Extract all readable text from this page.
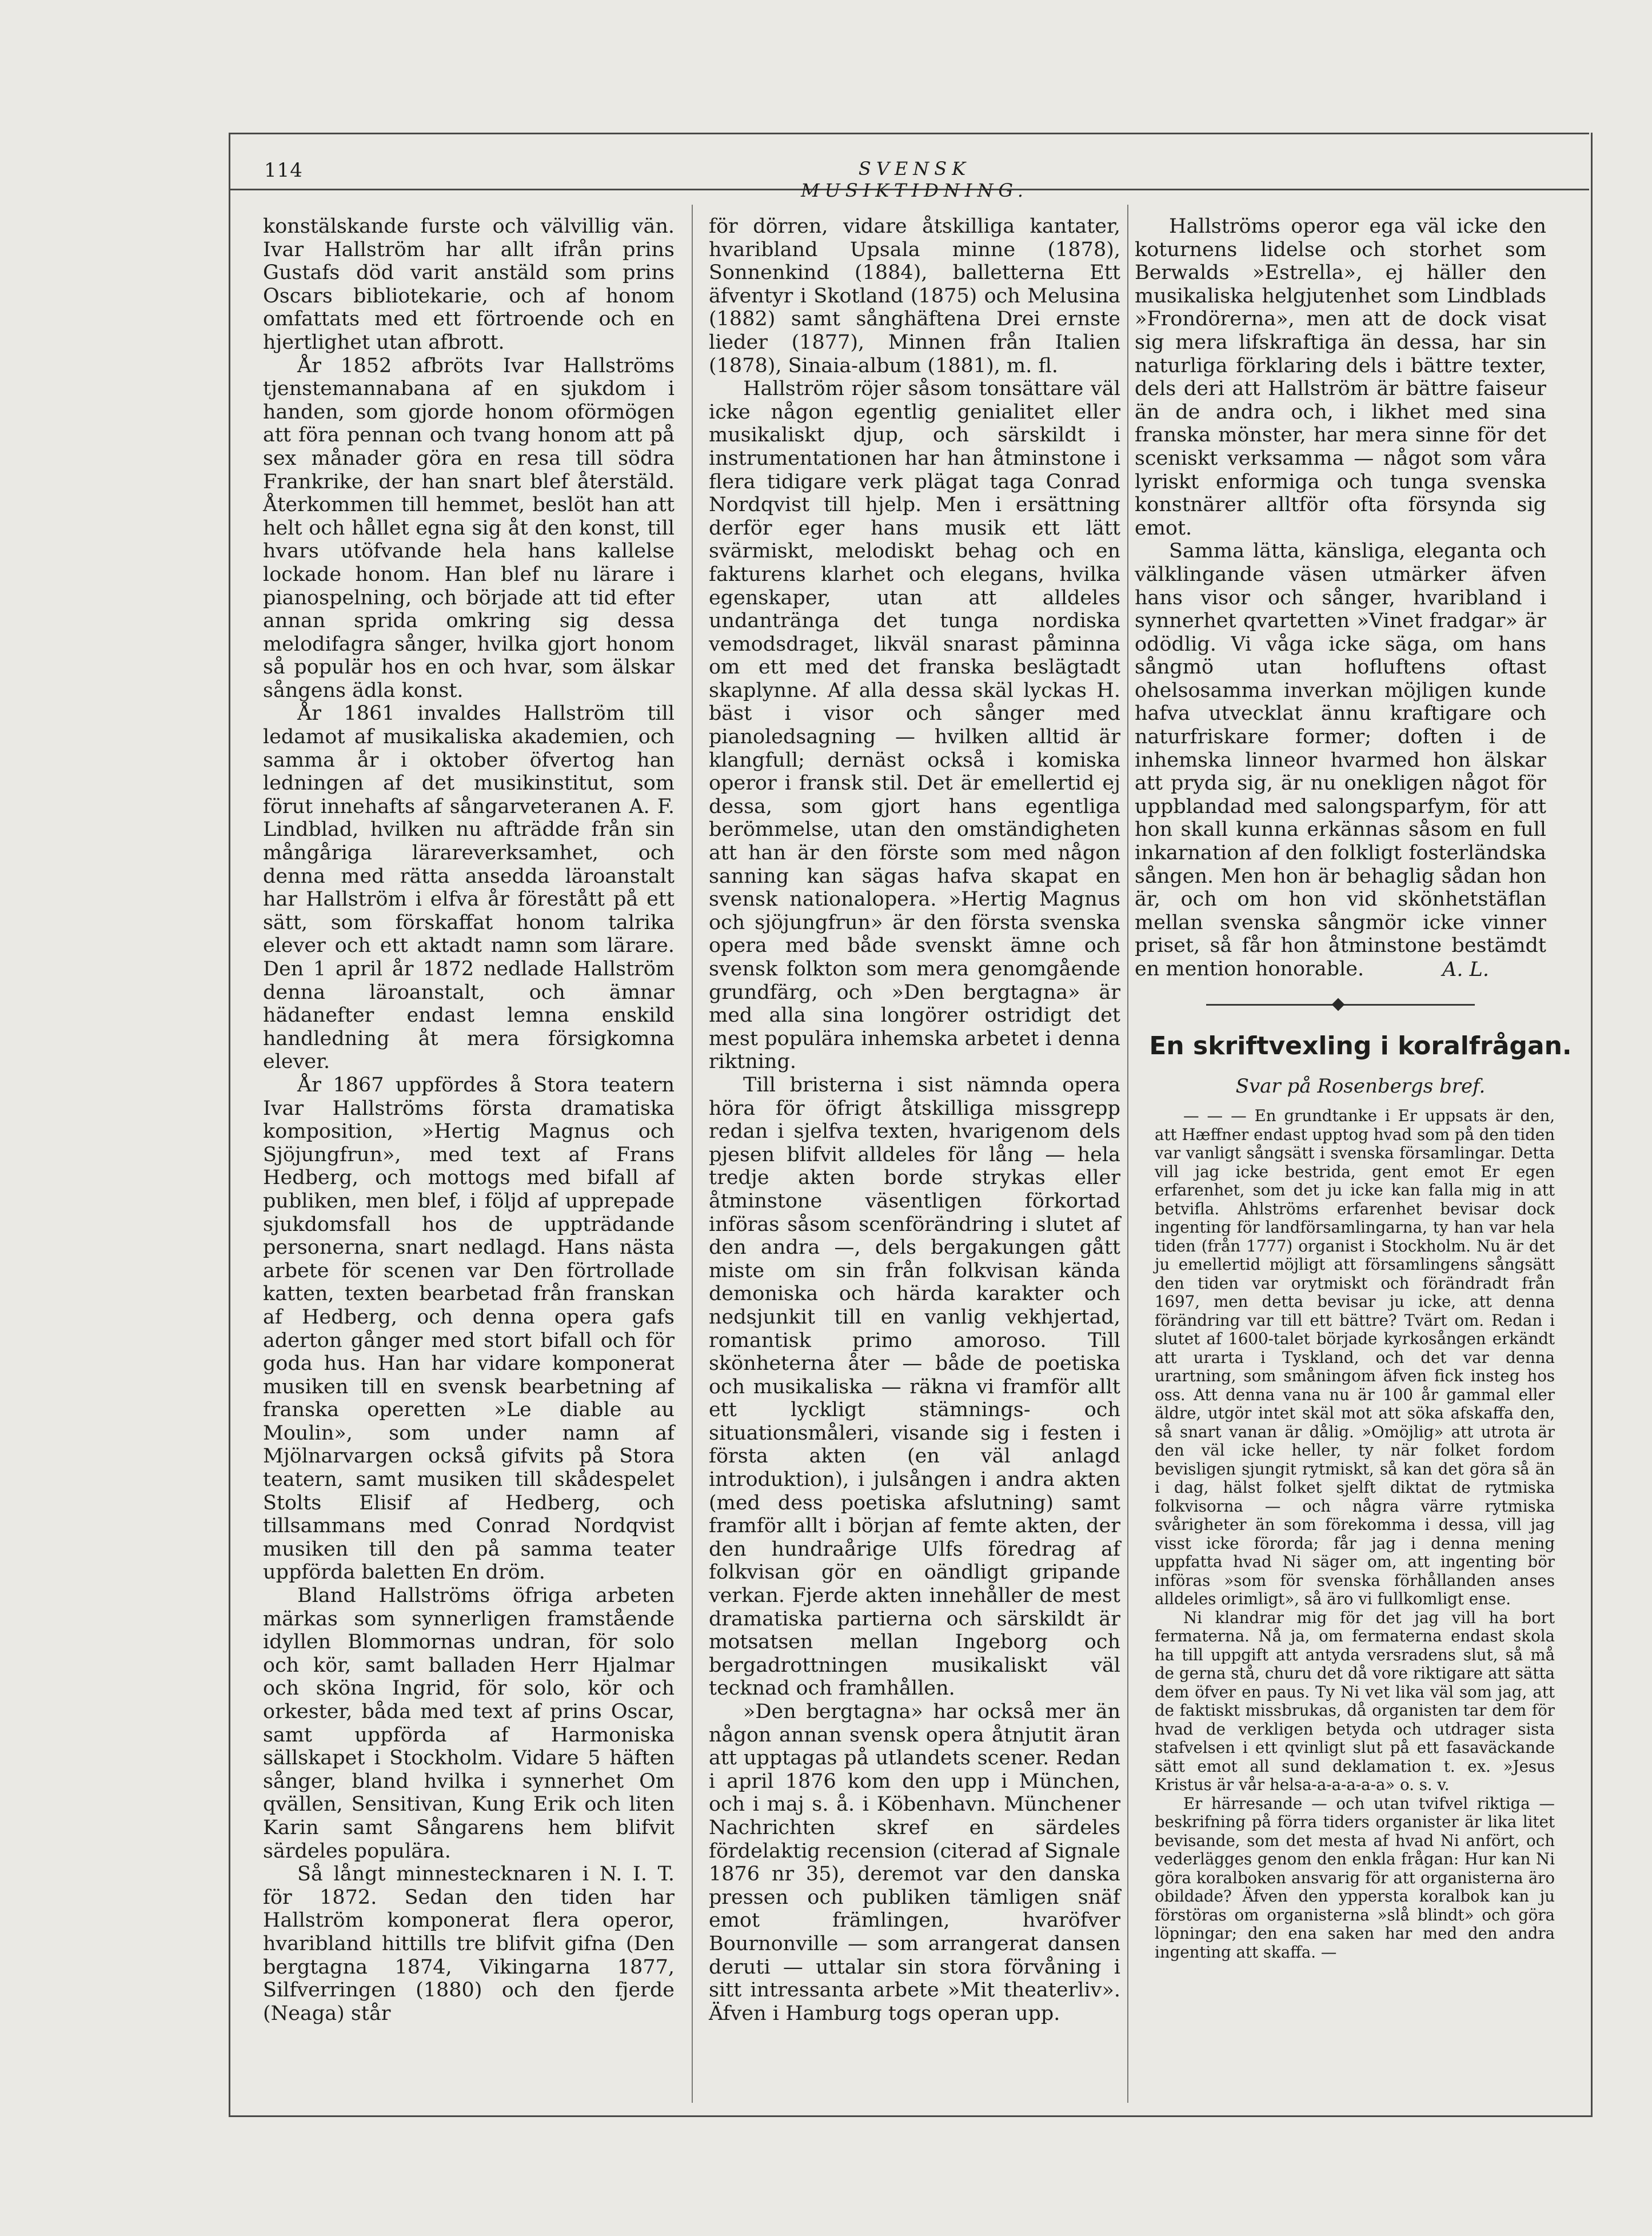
114	SVENSK MUSIKTIDNING.

konstälskande furste och välvillig vän. Ivar Hallström har allt ifrån prins Gustafs död varit anstäld som prins Oscars bibliotekarie, och af honom omfattats med ett förtroende och en hjertlighet utan afbrott.

År 1852 afbröts Ivar Hallströms tjenstemannabana af en sjukdom i handen, som gjorde honom oförmögen att föra pennan och tvang honom att på sex månader göra en resa till södra Frankrike, der han snart blef återstäld. Återkommen till hemmet, beslöt han att helt och hållet egna sig åt den konst, till hvars utöfvande hela hans kallelse lockade honom. Han blef nu lärare i pianospelning, och började att tid efter annan sprida omkring sig dessa melodifagra sånger, hvilka gjort honom så populär hos en och hvar, som älskar sångens ädla konst.

År 1861 invaldes Hallström till ledamot af musikaliska akademien, och samma år i oktober öfvertog han ledningen af det musikinstitut, som förut innehafts af sångarveteranen A. F. Lindblad, hvilken nu afträdde från sin mångåriga lärareverksamhet, och denna med rätta ansedda läroanstalt har Hallström i elfva år förestått på ett sätt, som förskaffat honom talrika elever och ett aktadt namn som lärare. Den 1 april år 1872 nedlade Hallström denna läroanstalt, och ämnar hädanefter endast lemna enskild handledning åt mera försigkomna elever.

År 1867 uppfördes å Stora teatern Ivar Hallströms första dramatiska komposition, »Hertig Magnus och Sjöjungfrun», med text af Frans Hedberg, och mottogs med bifall af publiken, men blef, i följd af upprepade sjukdomsfall hos de uppträdande personerna, snart nedlagd. Hans nästa arbete för scenen var Den förtrollade katten, texten bearbetad från franskan af Hedberg, och denna opera gafs aderton gånger med stort bifall och för goda hus. Han har vidare komponerat musiken till en svensk bearbetning af franska operetten »Le diable au Moulin», som under namn af Mjölnarvargen också gifvits på Stora teatern, samt musiken till skådespelet Stolts Elisif af Hedberg, och tillsammans med Conrad Nordqvist musiken till den på samma teater uppförda baletten En dröm.

Bland Hallströms öfriga arbeten märkas som synnerligen framstående idyllen Blommornas undran, för solo och kör, samt balladen Herr Hjalmar och sköna Ingrid, för solo, kör och orkester, båda med text af prins Oscar, samt uppförda af Harmoniska sällskapet i Stockholm. Vidare 5 häften sånger, bland hvilka i synnerhet Om qvällen, Sensitivan, Kung Erik och liten Karin samt Sångarens hem blifvit särdeles populära.

Så långt minnestecknaren i N. I. T. för 1872. Sedan den tiden har Hallström komponerat flera operor, hvaribland hittills tre blifvit gifna (Den bergtagna 1874, Vikingarna 1877, Silfverringen (1880) och den fjerde (Neaga) står

för dörren, vidare åtskilliga kantater, hvaribland Upsala minne (1878), Sonnenkind (1884), balletterna Ett äfventyr i Skotland (1875) och Melusina (1882) samt sånghäftena Drei ernste lieder (1877), Minnen från Italien (1878), Sinaia-album (1881), m. fl.

Hallström röjer såsom tonsättare väl icke någon egentlig genialitet eller musikaliskt djup, och särskildt i instrumentationen har han åtminstone i flera tidigare verk plägat taga Conrad Nordqvist till hjelp. Men i ersättning derför eger hans musik ett lätt svärmiskt, melodiskt behag och en fakturens klarhet och elegans, hvilka egenskaper, utan att alldeles undantränga det tunga nordiska vemodsdraget, likväl snarast påminna om ett med det franska beslägtadt skaplynne. Af alla dessa skäl lyckas H. bäst i visor och sånger med pianoledsagning — hvilken alltid är klangfull; dernäst också i komiska operor i fransk stil. Det är emellertid ej dessa, som gjort hans egentliga berömmelse, utan den omständigheten att han är den förste som med någon sanning kan sägas hafva skapat en svensk nationalopera. »Hertig Magnus och sjöjungfrun» är den första svenska opera med både svenskt ämne och svensk folkton som mera genomgående grundfärg, och »Den bergtagna» är med alla sina longörer ostridigt det mest populära inhemska arbetet i denna riktning.

Till bristerna i sist nämnda opera höra för öfrigt åtskilliga missgrepp redan i sjelfva texten, hvarigenom dels pjesen blifvit alldeles för lång — hela tredje akten borde strykas eller åtminstone väsentligen förkortad införas såsom scenförändring i slutet af den andra —, dels bergakungen gått miste om sin från folkvisan kända demoniska och härda karakter och nedsjunkit till en vanlig vekhjertad, romantisk primo amoroso. Till skönheterna åter — både de poetiska och musikaliska — räkna vi framför allt ett lyckligt stämnings- och situationsmåleri, visande sig i festen i första akten (en väl anlagd introduktion), i julsången i andra akten (med dess poetiska afslutning) samt framför allt i början af femte akten, der den hundraårige Ulfs föredrag af folkvisan gör en oändligt gripande verkan. Fjerde akten innehåller de mest dramatiska partierna och särskildt är motsatsen mellan Ingeborg och bergadrottningen musikaliskt väl tecknad och framhållen.

»Den bergtagna» har också mer än någon annan svensk opera åtnjutit äran att upptagas på utlandets scener. Redan i april 1876 kom den upp i München, och i maj s. å. i Köbenhavn. Münchener Nachrichten skref en särdeles fördelaktig recension (citerad af Signale 1876 nr 35), deremot var den danska pressen och publiken tämligen snäf emot främlingen, hvaröfver Bournonville — som arrangerat dansen deruti — uttalar sin stora förvåning i sitt intressanta arbete »Mit theaterliv». Äfven i Hamburg togs operan upp.

Hallströms operor ega väl icke den koturnens lidelse och storhet som Berwalds »Estrella», ej häller den musikaliska helgjutenhet som Lindblads »Frondörerna», men att de dock visat sig mera lifskraftiga än dessa, har sin naturliga förklaring dels i bättre texter, dels deri att Hallström är bättre faiseur än de andra och, i likhet med sina franska mönster, har mera sinne för det sceniskt verksamma — något som våra lyriskt enformiga och tunga svenska konstnärer alltför ofta försynda sig emot.

Samma lätta, känsliga, eleganta och välklingande väsen utmärker äfven hans visor och sånger, hvaribland i synnerhet qvartetten »Vinet fradgar» är odödlig. Vi våga icke säga, om hans sångmö utan hofluftens oftast ohelsosamma inverkan möjligen kunde hafva utvecklat ännu kraftigare och naturfriskare former; doften i de inhemska linneor hvarmed hon älskar att pryda sig, är nu onekligen något för uppblandad med salongsparfym, för att hon skall kunna erkännas såsom en full inkarnation af den folkligt fosterländska sången. Men hon är behaglig sådan hon är, och om hon vid skönhetstäflan mellan svenska sångmör icke vinner priset, så får hon åtminstone bestämdt en mention honorable.	A. L.
En skriftvexling i koralfrågan.
Svar på Rosenbergs bref.

— — — En grundtanke i Er uppsats är den, att Hæffner endast upptog hvad som på den tiden var vanligt sångsätt i svenska församlingar. Detta vill jag icke bestrida, gent emot Er egen erfarenhet, som det ju icke kan falla mig in att betvifla. Ahlströms erfarenhet bevisar dock ingenting för landförsamlingarna, ty han var hela tiden (från 1777) organist i Stockholm. Nu är det ju emellertid möjligt att församlingens sångsätt den tiden var orytmiskt och förändradt från 1697, men detta bevisar ju icke, att denna förändring var till ett bättre? Tvärt om. Redan i slutet af 1600-talet började kyrkosången erkändt att urarta i Tyskland, och det var denna urartning, som småningom äfven fick insteg hos oss. Att denna vana nu är 100 år gammal eller äldre, utgör intet skäl mot att söka afskaffa den, så snart vanan är dålig. »Omöjlig» att utrota är den väl icke heller, ty när folket fordom bevisligen sjungit rytmiskt, så kan det göra så än i dag, hälst folket sjelft diktat de rytmiska folkvisorna — och några värre rytmiska svårigheter än som förekomma i dessa, vill jag visst icke förorda; får jag i denna mening uppfatta hvad Ni säger om, att ingenting bör införas »som för svenska förhållanden anses alldeles orimligt», så äro vi fullkomligt ense.

Ni klandrar mig för det jag vill ha bort fermaterna. Nå ja, om fermaterna endast skola ha till uppgift att antyda versradens slut, så må de gerna stå, churu det då vore riktigare att sätta dem öfver en paus. Ty Ni vet lika väl som jag, att de faktiskt missbrukas, då organisten tar dem för hvad de verkligen betyda och utdrager sista stafvelsen i ett qvinligt slut på ett fasaväckande sätt emot all sund deklamation t. ex. »Jesus Kristus är vår helsa-a-a-a-a-a» o. s. v.

Er härresande — och utan tvifvel riktiga — beskrifning på förra tiders organister är lika litet bevisande, som det mesta af hvad Ni anfört, och vederlägges genom den enkla frågan: Hur kan Ni göra koralboken ansvarig för att organisterna äro obildade? Äfven den yppersta koralbok kan ju förstöras om organisterna »slå blindt» och göra löpningar; den ena saken har med den andra ingenting att skaffa. —
